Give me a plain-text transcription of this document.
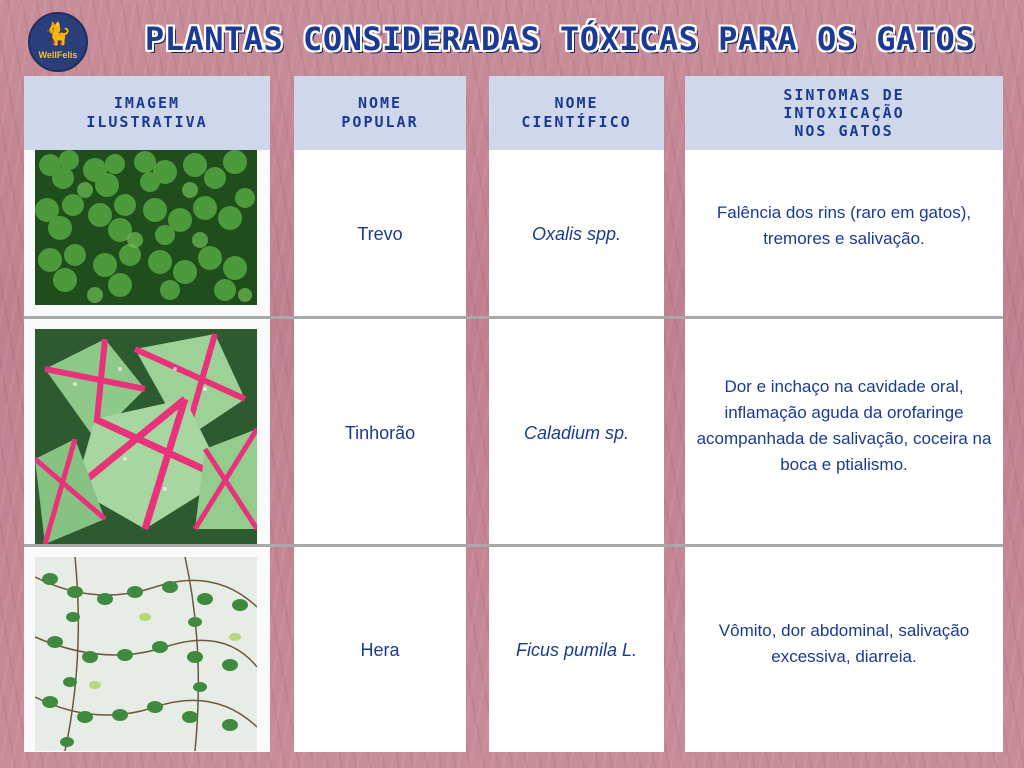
🐈
WellFelis	PLANTAS CONSIDERADAS TÓXICAS PARA OS GATOS
IMAGEM
ILUSTRATIVA
NOME
POPULAR
Trevo
Tinhorão
Hera
NOME
CIENTÍFICO
Oxalis spp.
Caladium sp.
Ficus pumila L.
SINTOMAS DE
INTOXICAÇÃO
NOS GATOS
Falência dos rins (raro em gatos), tremores e salivação.
Dor e inchaço na cavidade oral, inflamação aguda da orofaringe acompanhada de salivação, coceira na boca e ptialismo.
Vômito, dor abdominal, salivação excessiva, diarreia.
